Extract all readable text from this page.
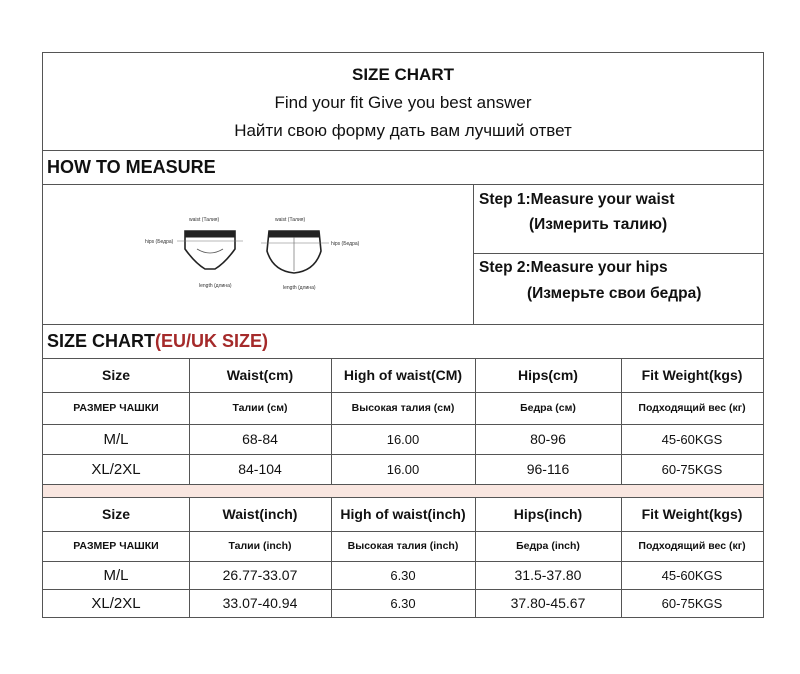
SIZE CHART
Find your fit Give you best answer
Найти свою форму дать вам лучший ответ
HOW TO MEASURE
waist (Талия)	waist (Талия)
hips (Бедра)	hips (Бедра)
length (длина)	length (длина)
Step 1:Measure your waist
(Измерить талию)
Step 2:Measure your hips
(Измерьте свои бедра)
SIZE CHART(EU/UK SIZE)
Size	Waist(cm)	High of waist(CM)	Hips(cm)	Fit Weight(kgs)
РАЗМЕР ЧАШКИ	Талии (см)	Высокая талия (см)	Бедра (см)	Подходящий вес (кг)
M/L	68-84	16.00	80-96	45-60KGS
XL/2XL	84-104	16.00	96-116	60-75KGS
Size	Waist(inch)	High of waist(inch)	Hips(inch)	Fit Weight(kgs)
РАЗМЕР ЧАШКИ	Талии (inch)	Высокая талия (inch)	Бедра (inch)	Подходящий вес (кг)
M/L	26.77-33.07	6.30	31.5-37.80	45-60KGS
XL/2XL	33.07-40.94	6.30	37.80-45.67	60-75KGS
